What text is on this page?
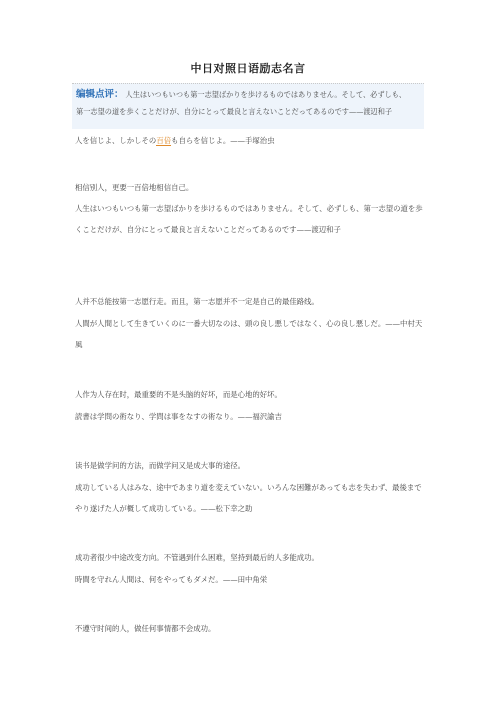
中日对照日语励志名言
编辑点评： 人生はいつもいつも第一志望ばかりを歩けるものではありません。そして、必ずしも、
第一志望の道を歩くことだけが、自分にとって最良と言えないことだってあるのです——渡辺和子
人を信じよ、しかしその百倍も自らを信じよ。——手塚治虫
相信别人，更要一百倍地相信自己。
人生はいつもいつも第一志望ばかりを歩けるものではありません。そして、必ずしも、第一志望の道を歩くことだけが、自分にとって最良と言えないことだってあるのです——渡辺和子
人并不总能按第一志愿行走。而且，第一志愿并不一定是自己的最佳路线。
人間が人間として生きていくのに一番大切なのは、頭の良し悪しではなく、心の良し悪しだ。——中村天風
人作为人存在时，最重要的不是头脑的好坏，而是心地的好坏。
読書は学問の術なり、学問は事をなすの術なり。——福沢諭吉
读书是做学问的方法，而做学问又是成大事的途径。
成功している人はみな、途中であまり道を変えていない。いろんな困難があっても志を失わず、最後までやり遂げた人が概して成功している。——松下幸之助
成功者很少中途改变方向。不管遇到什么困难，坚持到最后的人多能成功。
時間を守れん人間は、何をやってもダメだ。——田中角栄
不遵守时间的人，做任何事情都不会成功。
